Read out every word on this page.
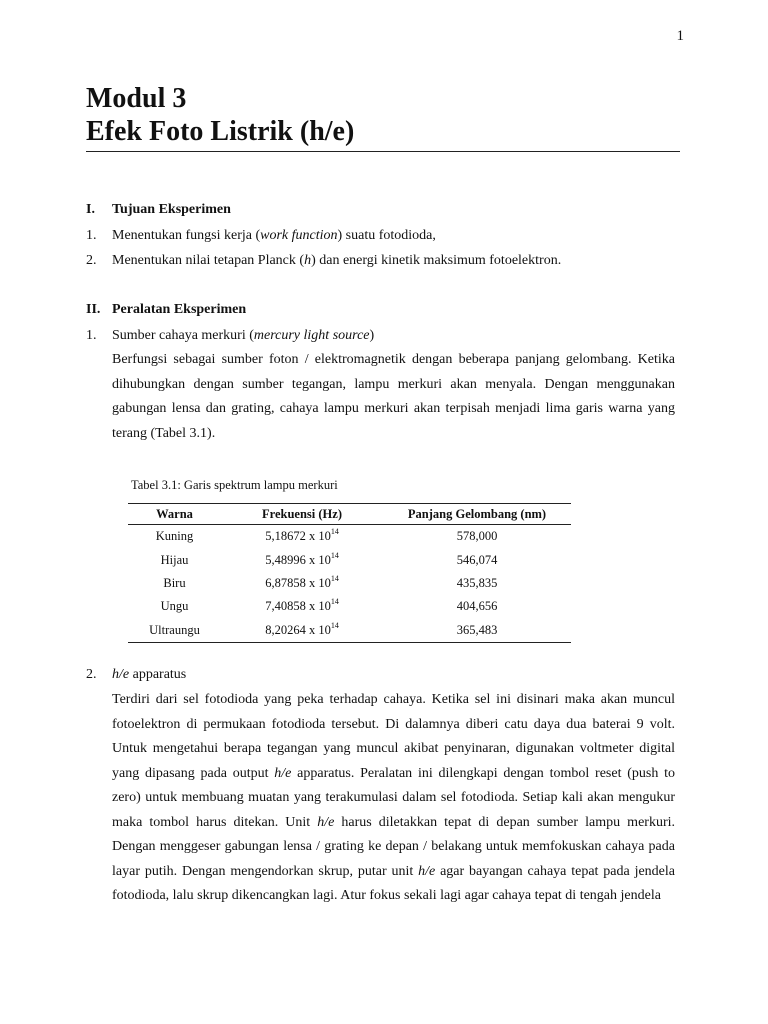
1
Modul 3
Efek Foto Listrik (h/e)
I. Tujuan Eksperimen
1. Menentukan fungsi kerja (work function) suatu fotodioda,
2. Menentukan nilai tetapan Planck (h) dan energi kinetik maksimum fotoelektron.
II. Peralatan Eksperimen
1. Sumber cahaya merkuri (mercury light source)
Berfungsi sebagai sumber foton / elektromagnetik dengan beberapa panjang gelombang. Ketika dihubungkan dengan sumber tegangan, lampu merkuri akan menyala. Dengan menggunakan gabungan lensa dan grating, cahaya lampu merkuri akan terpisah menjadi lima garis warna yang terang (Tabel 3.1).
Tabel 3.1: Garis spektrum lampu merkuri
Warna	Frekuensi (Hz)	Panjang Gelombang (nm)
Kuning	5,18672 x $10^{14}$	578,000
Hijau	5,48996 x $10^{14}$	546,074
Biru	6,87858 x $10^{14}$	435,835
Ungu	7,40858 x $10^{14}$	404,656
Ultraungu	8,20264 x $10^{14}$	365,483
2. h/e apparatus
Terdiri dari sel fotodioda yang peka terhadap cahaya. Ketika sel ini disinari maka akan muncul fotoelektron di permukaan fotodioda tersebut. Di dalamnya diberi catu daya dua baterai 9 volt. Untuk mengetahui berapa tegangan yang muncul akibat penyinaran, digunakan voltmeter digital yang dipasang pada output h/e apparatus. Peralatan ini dilengkapi dengan tombol reset (push to zero) untuk membuang muatan yang terakumulasi dalam sel fotodioda. Setiap kali akan mengukur maka tombol harus ditekan. Unit h/e harus diletakkan tepat di depan sumber lampu merkuri. Dengan menggeser gabungan lensa / grating ke depan / belakang untuk memfokuskan cahaya pada layar putih. Dengan mengendorkan skrup, putar unit h/e agar bayangan cahaya tepat pada jendela fotodioda, lalu skrup dikencangkan lagi. Atur fokus sekali lagi agar cahaya tepat di tengah jendela
